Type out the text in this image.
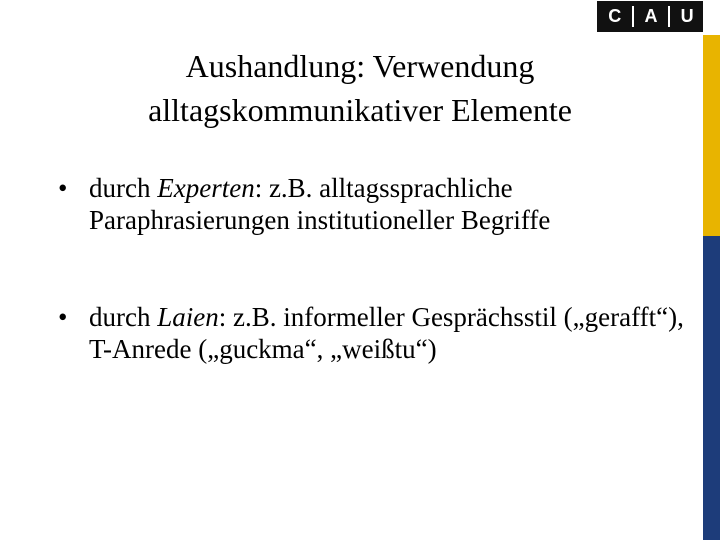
C A U
Aushandlung: Verwendung
alltagskommunikativer Elemente
• durch Experten: z.B. alltagssprachliche Paraphrasierungen institutioneller Begriffe
• durch Laien: z.B. informeller Gesprächsstil („gerafft“), T-Anrede („guckma“, „weißtu“)
